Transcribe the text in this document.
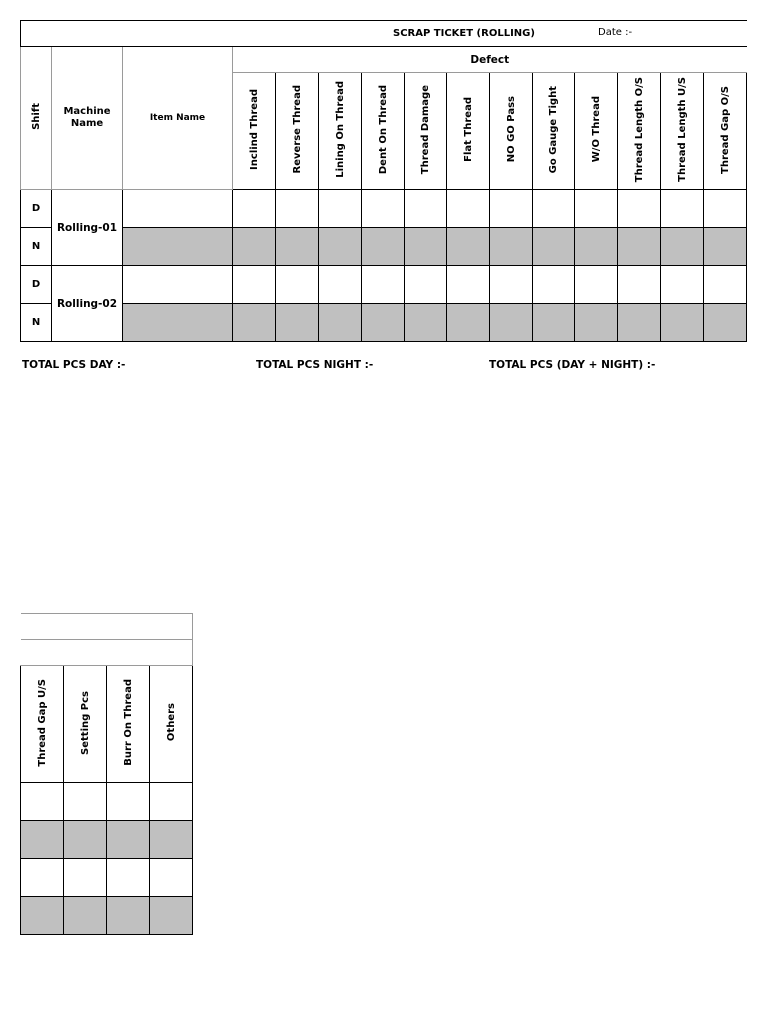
SCRAP TICKET (ROLLING) Date :-														

Shift	Machine Name	Item Name	Defect											
			Inclind Thread	Reverse Thread	Lining On Thread	Dent On Thread	Thread Damage	Flat Thread	NO GO Pass	Go Gauge Tight	W/O Thread	Thread Length O/S	Thread Length U/S	Thread Gap O/S
D	Rolling-01													
N														
D	Rolling-02													
N														
TOTAL PCS DAY :-	TOTAL PCS NIGHT :-	TOTAL PCS (DAY + NIGHT) :-

Thread Gap U/S	Setting Pcs	Burr On Thread	Others
